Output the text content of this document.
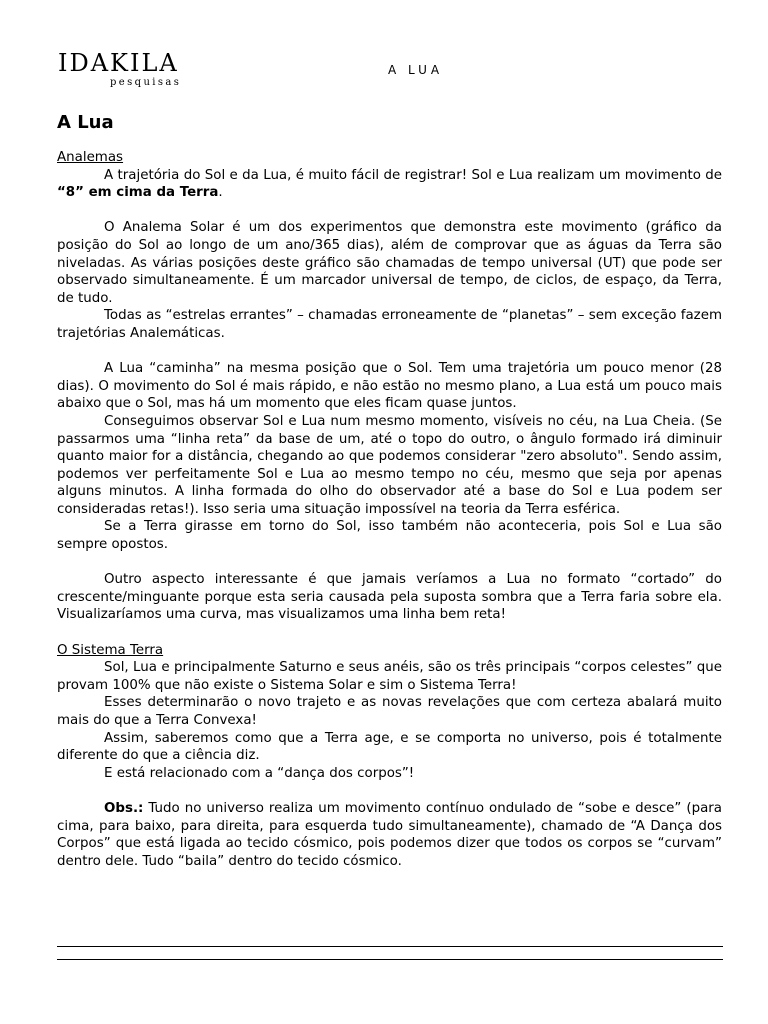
IDAKILA
pesquisas
A LUA
A Lua
Analemas

A trajetória do Sol e da Lua, é muito fácil de registrar! Sol e Lua realizam um movimento de “8” em cima da Terra.

O Analema Solar é um dos experimentos que demonstra este movimento (gráfico da posição do Sol ao longo de um ano/365 dias), além de comprovar que as águas da Terra são niveladas. As várias posições deste gráfico são chamadas de tempo universal (UT) que pode ser observado simultaneamente. É um marcador universal de tempo, de ciclos, de espaço, da Terra, de tudo.

Todas as “estrelas errantes” – chamadas erroneamente de “planetas” – sem exceção fazem trajetórias Analemáticas.

A Lua “caminha” na mesma posição que o Sol. Tem uma trajetória um pouco menor (28 dias). O movimento do Sol é mais rápido, e não estão no mesmo plano, a Lua está um pouco mais abaixo que o Sol, mas há um momento que eles ficam quase juntos.

Conseguimos observar Sol e Lua num mesmo momento, visíveis no céu, na Lua Cheia. (Se passarmos uma “linha reta” da base de um, até o topo do outro, o ângulo formado irá diminuir quanto maior for a distância, chegando ao que podemos considerar "zero absoluto". Sendo assim, podemos ver perfeitamente Sol e Lua ao mesmo tempo no céu, mesmo que seja por apenas alguns minutos. A linha formada do olho do observador até a base do Sol e Lua podem ser consideradas retas!). Isso seria uma situação impossível na teoria da Terra esférica.

Se a Terra girasse em torno do Sol, isso também não aconteceria, pois Sol e Lua são sempre opostos.

Outro aspecto interessante é que jamais veríamos a Lua no formato “cortado” do crescente/minguante porque esta seria causada pela suposta sombra que a Terra faria sobre ela. Visualizaríamos uma curva, mas visualizamos uma linha bem reta!

O Sistema Terra

Sol, Lua e principalmente Saturno e seus anéis, são os três principais “corpos celestes” que provam 100% que não existe o Sistema Solar e sim o Sistema Terra!

Esses determinarão o novo trajeto e as novas revelações que com certeza abalará muito mais do que a Terra Convexa!

Assim, saberemos como que a Terra age, e se comporta no universo, pois é totalmente diferente do que a ciência diz.

E está relacionado com a “dança dos corpos”!

Obs.: Tudo no universo realiza um movimento contínuo ondulado de “sobe e desce” (para cima, para baixo, para direita, para esquerda tudo simultaneamente), chamado de “A Dança dos Corpos” que está ligada ao tecido cósmico, pois podemos dizer que todos os corpos se “curvam” dentro dele. Tudo “baila” dentro do tecido cósmico.
